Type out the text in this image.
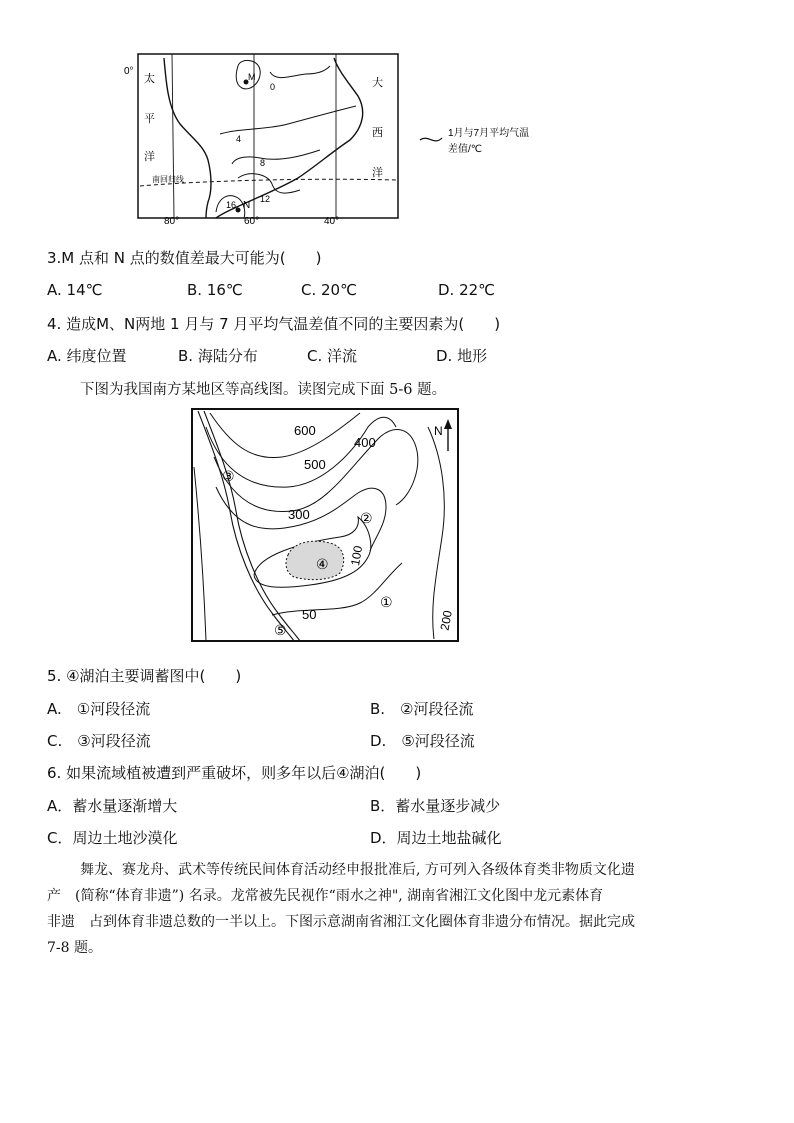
0°
太
平
洋
大
西
洋
南回归线
M
N
0
4
8
12
16
80°	60°	40°
1月与7月平均气温
差值/℃
3.M 点和 N 点的数值差最大可能为(　　)
A. 14℃	B. 16℃	C. 20℃	D. 22℃
4. 造成M、N两地 1 月与 7 月平均气温差值不同的主要因素为(　　)
A. 纬度位置	B. 海陆分布	C. 洋流	D. 地形
下图为我国南方某地区等高线图。读图完成下面 5-6 题。
600
400
500
300
100
50	200
N
①
②
③
④
⑤
5. ④湖泊主要调蓄图中(　　)
A.　①河段径流	B.　②河段径流
C.　③河段径流	D.　⑤河段径流
6. 如果流域植被遭到严重破坏，则多年以后④湖泊(　　)
A．蓄水量逐渐增大	B．蓄水量逐步减少
C．周边土地沙漠化	D．周边土地盐碱化
舞龙、赛龙舟、武术等传统民间体育活动经申报批准后, 方可列入各级体育类非物质文化遗
产　(简称“体育非遗”) 名录。龙常被先民视作“雨水之神", 湖南省湘江文化图中龙元素体育
非遗　占到体育非遗总数的一半以上。下图示意湖南省湘江文化圈体育非遗分布情况。据此完成
7-8 题。
